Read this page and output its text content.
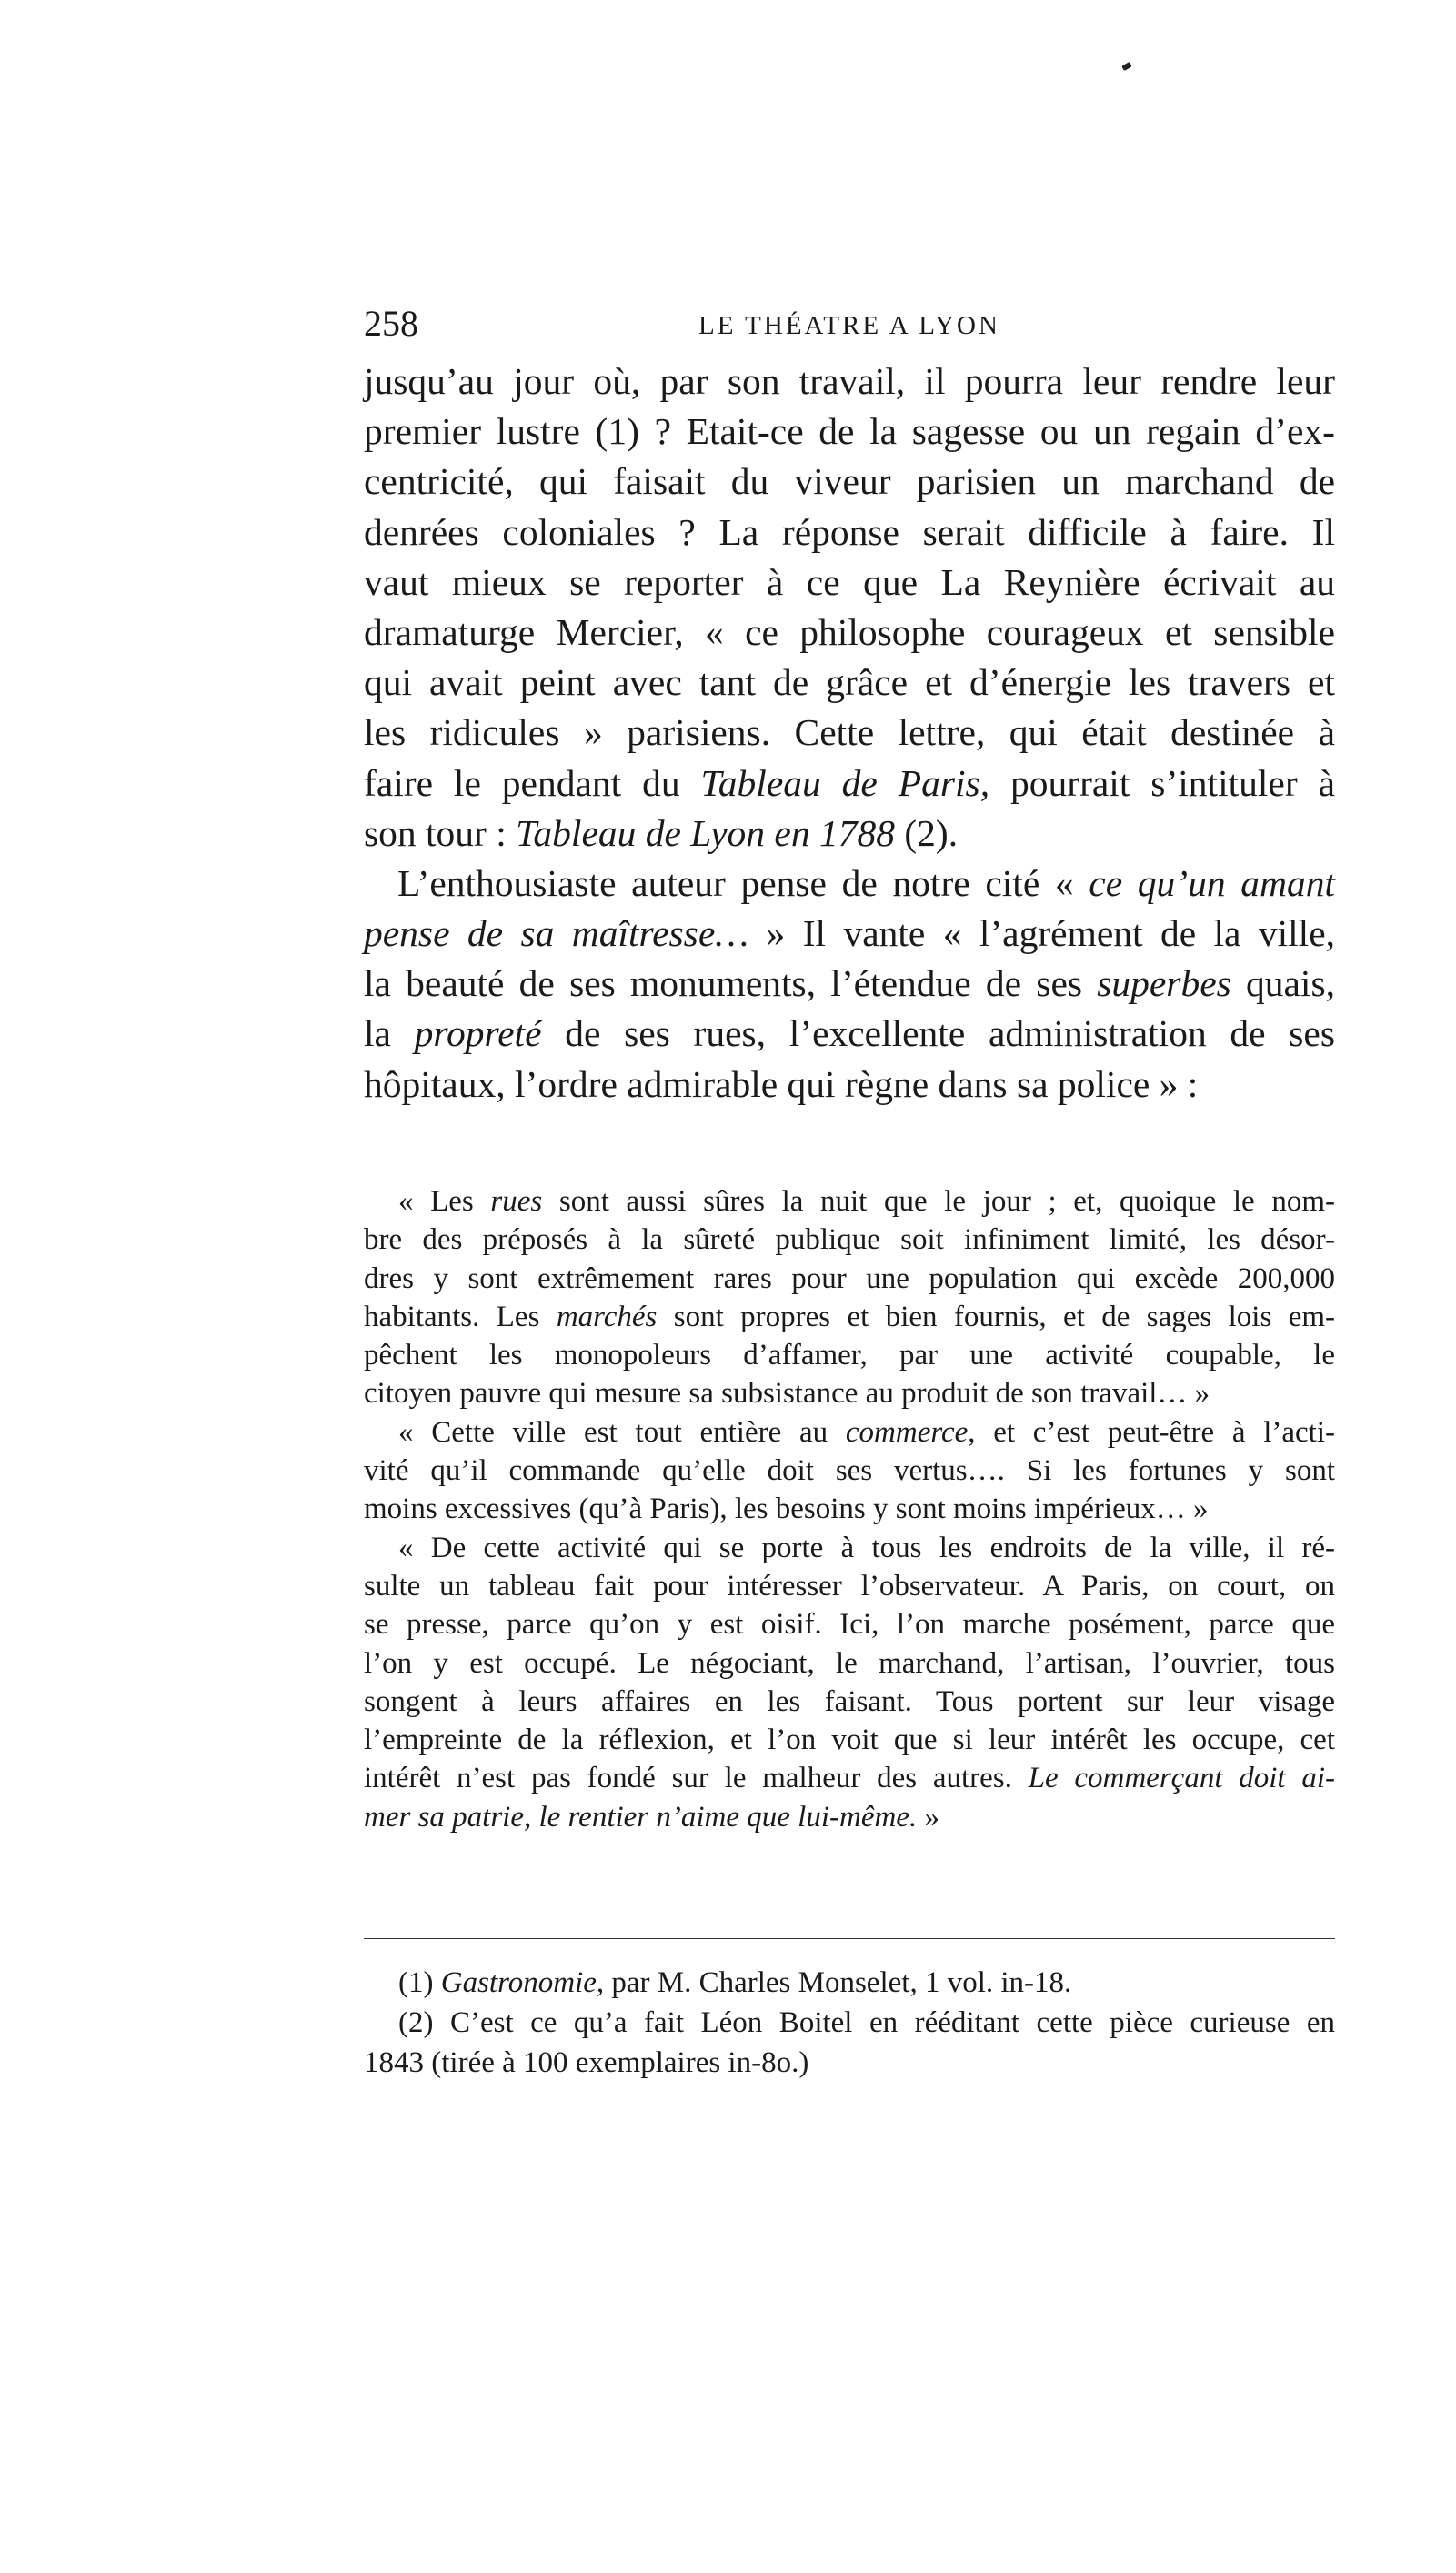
258	LE THÉATRE A LYON
jusqu’au jour où, par son travail, il pourra leur rendre leur
premier lustre (1) ? Etait-ce de la sagesse ou un regain d’ex-
centricité, qui faisait du viveur parisien un marchand de
denrées coloniales ? La réponse serait difficile à faire. Il
vaut mieux se reporter à ce que La Reynière écrivait au
dramaturge Mercier, « ce philosophe courageux et sensible
qui avait peint avec tant de grâce et d’énergie les travers et
les ridicules » parisiens. Cette lettre, qui était destinée à
faire le pendant du Tableau de Paris, pourrait s’intituler à
son tour : Tableau de Lyon en 1788 (2).
L’enthousiaste auteur pense de notre cité « ce qu’un amant
pense de sa maîtresse… » Il vante « l’agrément de la ville,
la beauté de ses monuments, l’étendue de ses superbes quais,
la propreté de ses rues, l’excellente administration de ses
hôpitaux, l’ordre admirable qui règne dans sa police » :
« Les rues sont aussi sûres la nuit que le jour ; et, quoique le nom-
bre des préposés à la sûreté publique soit infiniment limité, les désor-
dres y sont extrêmement rares pour une population qui excède 200,000
habitants. Les marchés sont propres et bien fournis, et de sages lois em-
pêchent les monopoleurs d’affamer, par une activité coupable, le
citoyen pauvre qui mesure sa subsistance au produit de son travail… »
« Cette ville est tout entière au commerce, et c’est peut-être à l’acti-
vité qu’il commande qu’elle doit ses vertus…. Si les fortunes y sont
moins excessives (qu’à Paris), les besoins y sont moins impérieux… »
« De cette activité qui se porte à tous les endroits de la ville, il ré-
sulte un tableau fait pour intéresser l’observateur. A Paris, on court, on
se presse, parce qu’on y est oisif. Ici, l’on marche posément, parce que
l’on y est occupé. Le négociant, le marchand, l’artisan, l’ouvrier, tous
songent à leurs affaires en les faisant. Tous portent sur leur visage
l’empreinte de la réflexion, et l’on voit que si leur intérêt les occupe, cet
intérêt n’est pas fondé sur le malheur des autres. Le commerçant doit ai-
mer sa patrie, le rentier n’aime que lui-même. »
(1) Gastronomie, par M. Charles Monselet, 1 vol. in-18.
(2) C’est ce qu’a fait Léon Boitel en rééditant cette pièce curieuse en
1843 (tirée à 100 exemplaires in-8o.)
